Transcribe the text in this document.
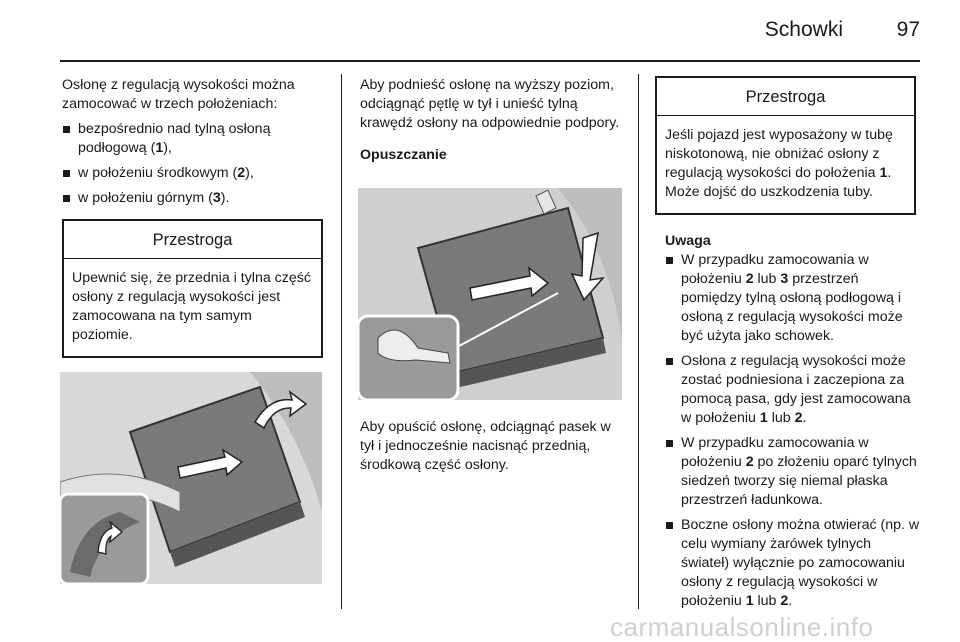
Schowki	97

Osłonę z regulacją wysokości można zamocować w trzech położeniach:

bezpośrednio nad tylną osłoną podłogową (1),
w położeniu środkowym (2),
w położeniu górnym (3).
Przestroga
Upewnić się, że przednia i tylna część osłony z regulacją wysokości jest zamocowana na tym samym poziomie.

Aby podnieść osłonę na wyższy poziom, odciągnąć pętlę w tył i unieść tylną krawędź osłony na odpowiednie podpory.

Opuszczanie

Aby opuścić osłonę, odciągnąć pasek w tył i jednocześnie nacisnąć przednią, środkową część osłony.

Przestroga
Jeśli pojazd jest wyposażony w tubę niskotonową, nie obniżać osłony z regulacją wysokości do położenia 1. Może dojść do uszkodzenia tuby.

Uwaga

W przypadku zamocowania w położeniu 2 lub 3 przestrzeń pomiędzy tylną osłoną podłogową i osłoną z regulacją wysokości może być użyta jako schowek.
Osłona z regulacją wysokości może zostać podniesiona i zaczepiona za pomocą pasa, gdy jest zamocowana w położeniu 1 lub 2.
W przypadku zamocowania w położeniu 2 po złożeniu oparć tylnych siedzeń tworzy się niemal płaska przestrzeń ładunkowa.
Boczne osłony można otwierać (np. w celu wymiany żarówek tylnych świateł) wyłącznie po zamocowaniu osłony z regulacją wysokości w położeniu 1 lub 2.
carmanualsonline.info
